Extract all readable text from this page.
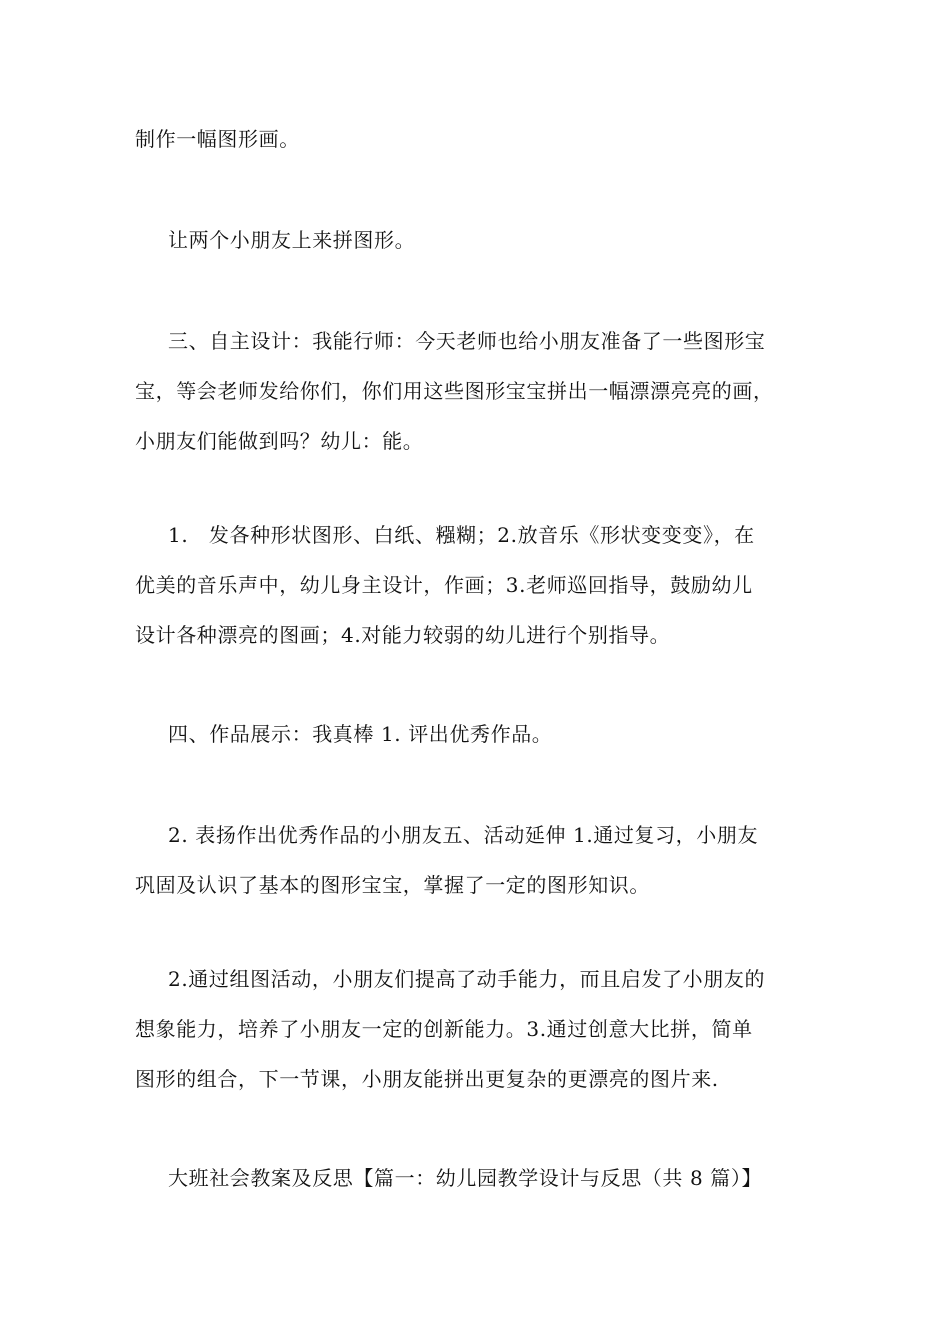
制作一幅图形画。
让两个小朋友上来拼图形。
三、自主设计：我能行师：今天老师也给小朋友准备了一些图形宝
宝，等会老师发给你们，你们用这些图形宝宝拼出一幅漂漂亮亮的画，
小朋友们能做到吗？幼儿：能。
1.　发各种形状图形、白纸、糨糊；2.放音乐《形状变变变》，在
优美的音乐声中，幼儿身主设计，作画；3.老师巡回指导，鼓励幼儿
设计各种漂亮的图画；4.对能力较弱的幼儿进行个别指导。
四、作品展示：我真棒 1. 评出优秀作品。
2. 表扬作出优秀作品的小朋友五、活动延伸 1.通过复习，小朋友
巩固及认识了基本的图形宝宝，掌握了一定的图形知识。
2.通过组图活动，小朋友们提高了动手能力，而且启发了小朋友的
想象能力，培养了小朋友一定的创新能力。3.通过创意大比拼，简单
图形的组合，下一节课，小朋友能拼出更复杂的更漂亮的图片来.
大班社会教案及反思【篇一：幼儿园教学设计与反思（共 8 篇）】
